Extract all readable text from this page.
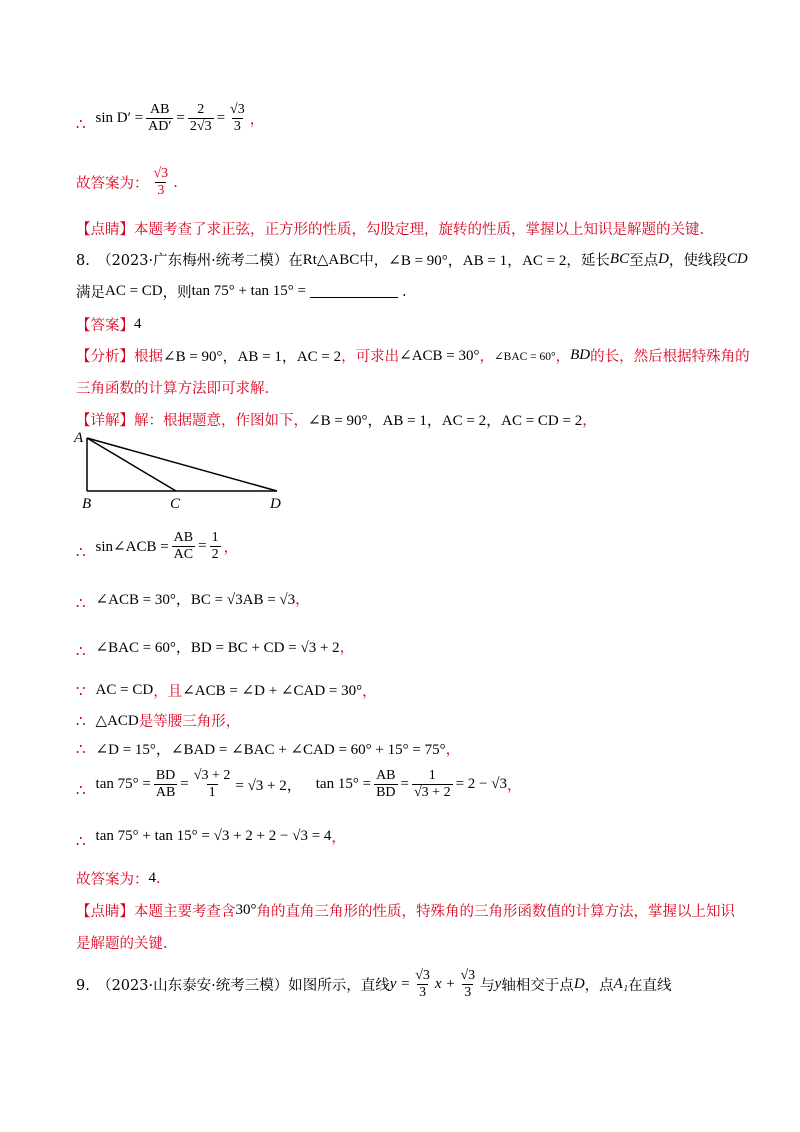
∴ $\sin D' = \frac{AB}{AD'} = \frac{2}{2√3} = \frac{√3}{3}$ ，
故答案为： $\frac{√3}{3}$ .
【点睛】本题考查了求正弦，正方形的性质，勾股定理，旋转的性质，掌握以上知识是解题的关键.
8.　（2023·广东梅州·统考二模）在 Rt△ABC 中， ∠B = 90°，AB = 1，AC = 2 ，延长 BC 至点 D ，使线段 CD
满足 AC = CD ，则 tan 75° + tan 15° =	.
【答案】 4
【分析】根据 ∠B = 90°，AB = 1，AC = 2 ，可求出 ∠ACB = 30° ， ∠BAC = 60° ， BD 的长，然后根据特殊角的
三角函数的计算方法即可求解.
【详解】解：根据题意，作图如下， ∠B = 90°，AB = 1，AC = 2，AC = CD = 2 ，
A
B	C	D
∴ sin∠ACB = $\frac{AB}{AC} = \frac{1}{2}$ ，
∴ ∠ACB = 30°，BC = √3AB = √3 ，
∴ ∠BAC = 60°，BD = BC + CD = √3 + 2 ，
∵ AC = CD ，且 ∠ACB = ∠D + ∠CAD = 30° ，
∴ △ACD 是等腰三角形，
∴ ∠D = 15°，∠BAD = ∠BAC + ∠CAD = 60° + 15° = 75° ，
∴ $\tan 75^\circ = \frac{BD}{AB} = \frac{√3 + 2}{1} = √3 + 2$， $\tan 15^\circ = \frac{AB}{BD} = \frac{1}{√3 + 2} = 2 - √3$ ，
∴ tan 75° + tan 15° = √3 + 2 + 2 − √3 = 4 ，
故答案为： 4 .
【点睛】本题主要考查含 30° 角的直角三角形的性质，特殊角的三角形函数值的计算方法，掌握以上知识
是解题的关键.
9.　（2023·山东泰安·统考三模）如图所示，直线 $y = \frac{√3}{3}$ $x + \frac{√3}{3}$ 与 y 轴相交于点 D ，点 A₁ 在直线
